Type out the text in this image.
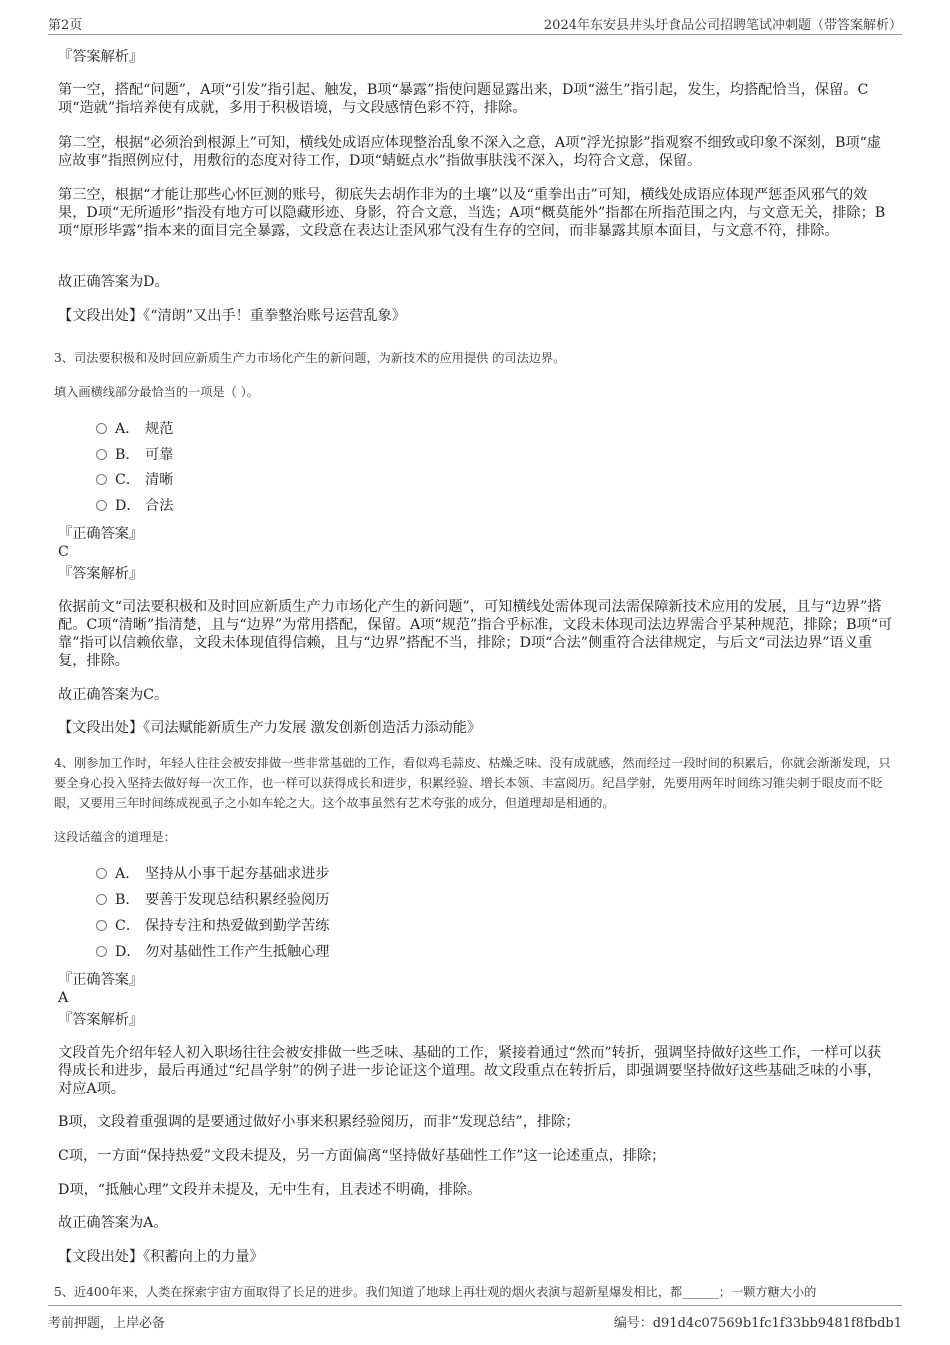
第2页	2024年东安县井头圩食品公司招聘笔试冲刺题（带答案解析）

『答案解析』

第一空，搭配“问题”，A项“引发”指引起、触发，B项“暴露”指使问题显露出来，D项“滋生”指引起，发生，均搭配恰当，保留。C项“造就”指培养使有成就，多用于积极语境，与文段感情色彩不符，排除。

第二空，根据“必须治到根源上”可知，横线处成语应体现整治乱象不深入之意，A项“浮光掠影”指观察不细致或印象不深刻，B项“虚应故事”指照例应付，用敷衍的态度对待工作，D项“蜻蜓点水”指做事肤浅不深入，均符合文意，保留。

第三空，根据“才能让那些心怀叵测的账号，彻底失去胡作非为的土壤”以及“重拳出击”可知，横线处成语应体现严惩歪风邪气的效果，D项“无所遁形”指没有地方可以隐藏形迹、身影，符合文意，当选；A项“概莫能外”指都在所指范围之内，与文意无关，排除；B项“原形毕露”指本来的面目完全暴露，文段意在表达让歪风邪气没有生存的空间，而非暴露其原本面目，与文意不符，排除。

故正确答案为D。

【文段出处】《“清朗”又出手！重拳整治账号运营乱象》

3、司法要积极和及时回应新质生产力市场化产生的新问题，为新技术的应用提供 的司法边界。

填入画横线部分最恰当的一项是（ ）。

A． 规范
B． 可靠
C． 清晰
D． 合法

『正确答案』

C

『答案解析』

依据前文“司法要积极和及时回应新质生产力市场化产生的新问题”，可知横线处需体现司法需保障新技术应用的发展，且与“边界”搭配。C项“清晰”指清楚，且与“边界”为常用搭配，保留。A项“规范”指合乎标准，文段未体现司法边界需合乎某种规范，排除；B项“可靠”指可以信赖依靠，文段未体现值得信赖，且与“边界”搭配不当，排除；D项“合法”侧重符合法律规定，与后文“司法边界”语义重复，排除。

故正确答案为C。

【文段出处】《司法赋能新质生产力发展 激发创新创造活力添动能》

4、刚参加工作时，年轻人往往会被安排做一些非常基础的工作，看似鸡毛蒜皮、枯燥乏味、没有成就感，然而经过一段时间的积累后，你就会渐渐发现，只要全身心投入坚持去做好每一次工作，也一样可以获得成长和进步，积累经验、增长本领、丰富阅历。纪昌学射，先要用两年时间练习锥尖刺于眼皮而不眨眼，又要用三年时间练成视虱子之小如车轮之大。这个故事虽然有艺术夸张的成分，但道理却是相通的。

这段话蕴含的道理是：

A． 坚持从小事干起夯基础求进步
B． 要善于发现总结积累经验阅历
C． 保持专注和热爱做到勤学苦练
D． 勿对基础性工作产生抵触心理

『正确答案』

A

『答案解析』

文段首先介绍年轻人初入职场往往会被安排做一些乏味、基础的工作，紧接着通过“然而”转折，强调坚持做好这些工作，一样可以获得成长和进步，最后再通过“纪昌学射”的例子进一步论证这个道理。故文段重点在转折后，即强调要坚持做好这些基础乏味的小事，对应A项。

B项，文段着重强调的是要通过做好小事来积累经验阅历，而非“发现总结”，排除；

C项，一方面“保持热爱”文段未提及，另一方面偏离“坚持做好基础性工作”这一论述重点，排除；

D项，“抵触心理”文段并未提及，无中生有，且表述不明确，排除。

故正确答案为A。

【文段出处】《积蓄向上的力量》

5、近400年来，人类在探索宇宙方面取得了长足的进步。我们知道了地球上再壮观的烟火表演与超新星爆发相比，都______；一颗方糖大小的

考前押题，上岸必备	编号：d91d4c07569b1fc1f33bb9481f8fbdb1
